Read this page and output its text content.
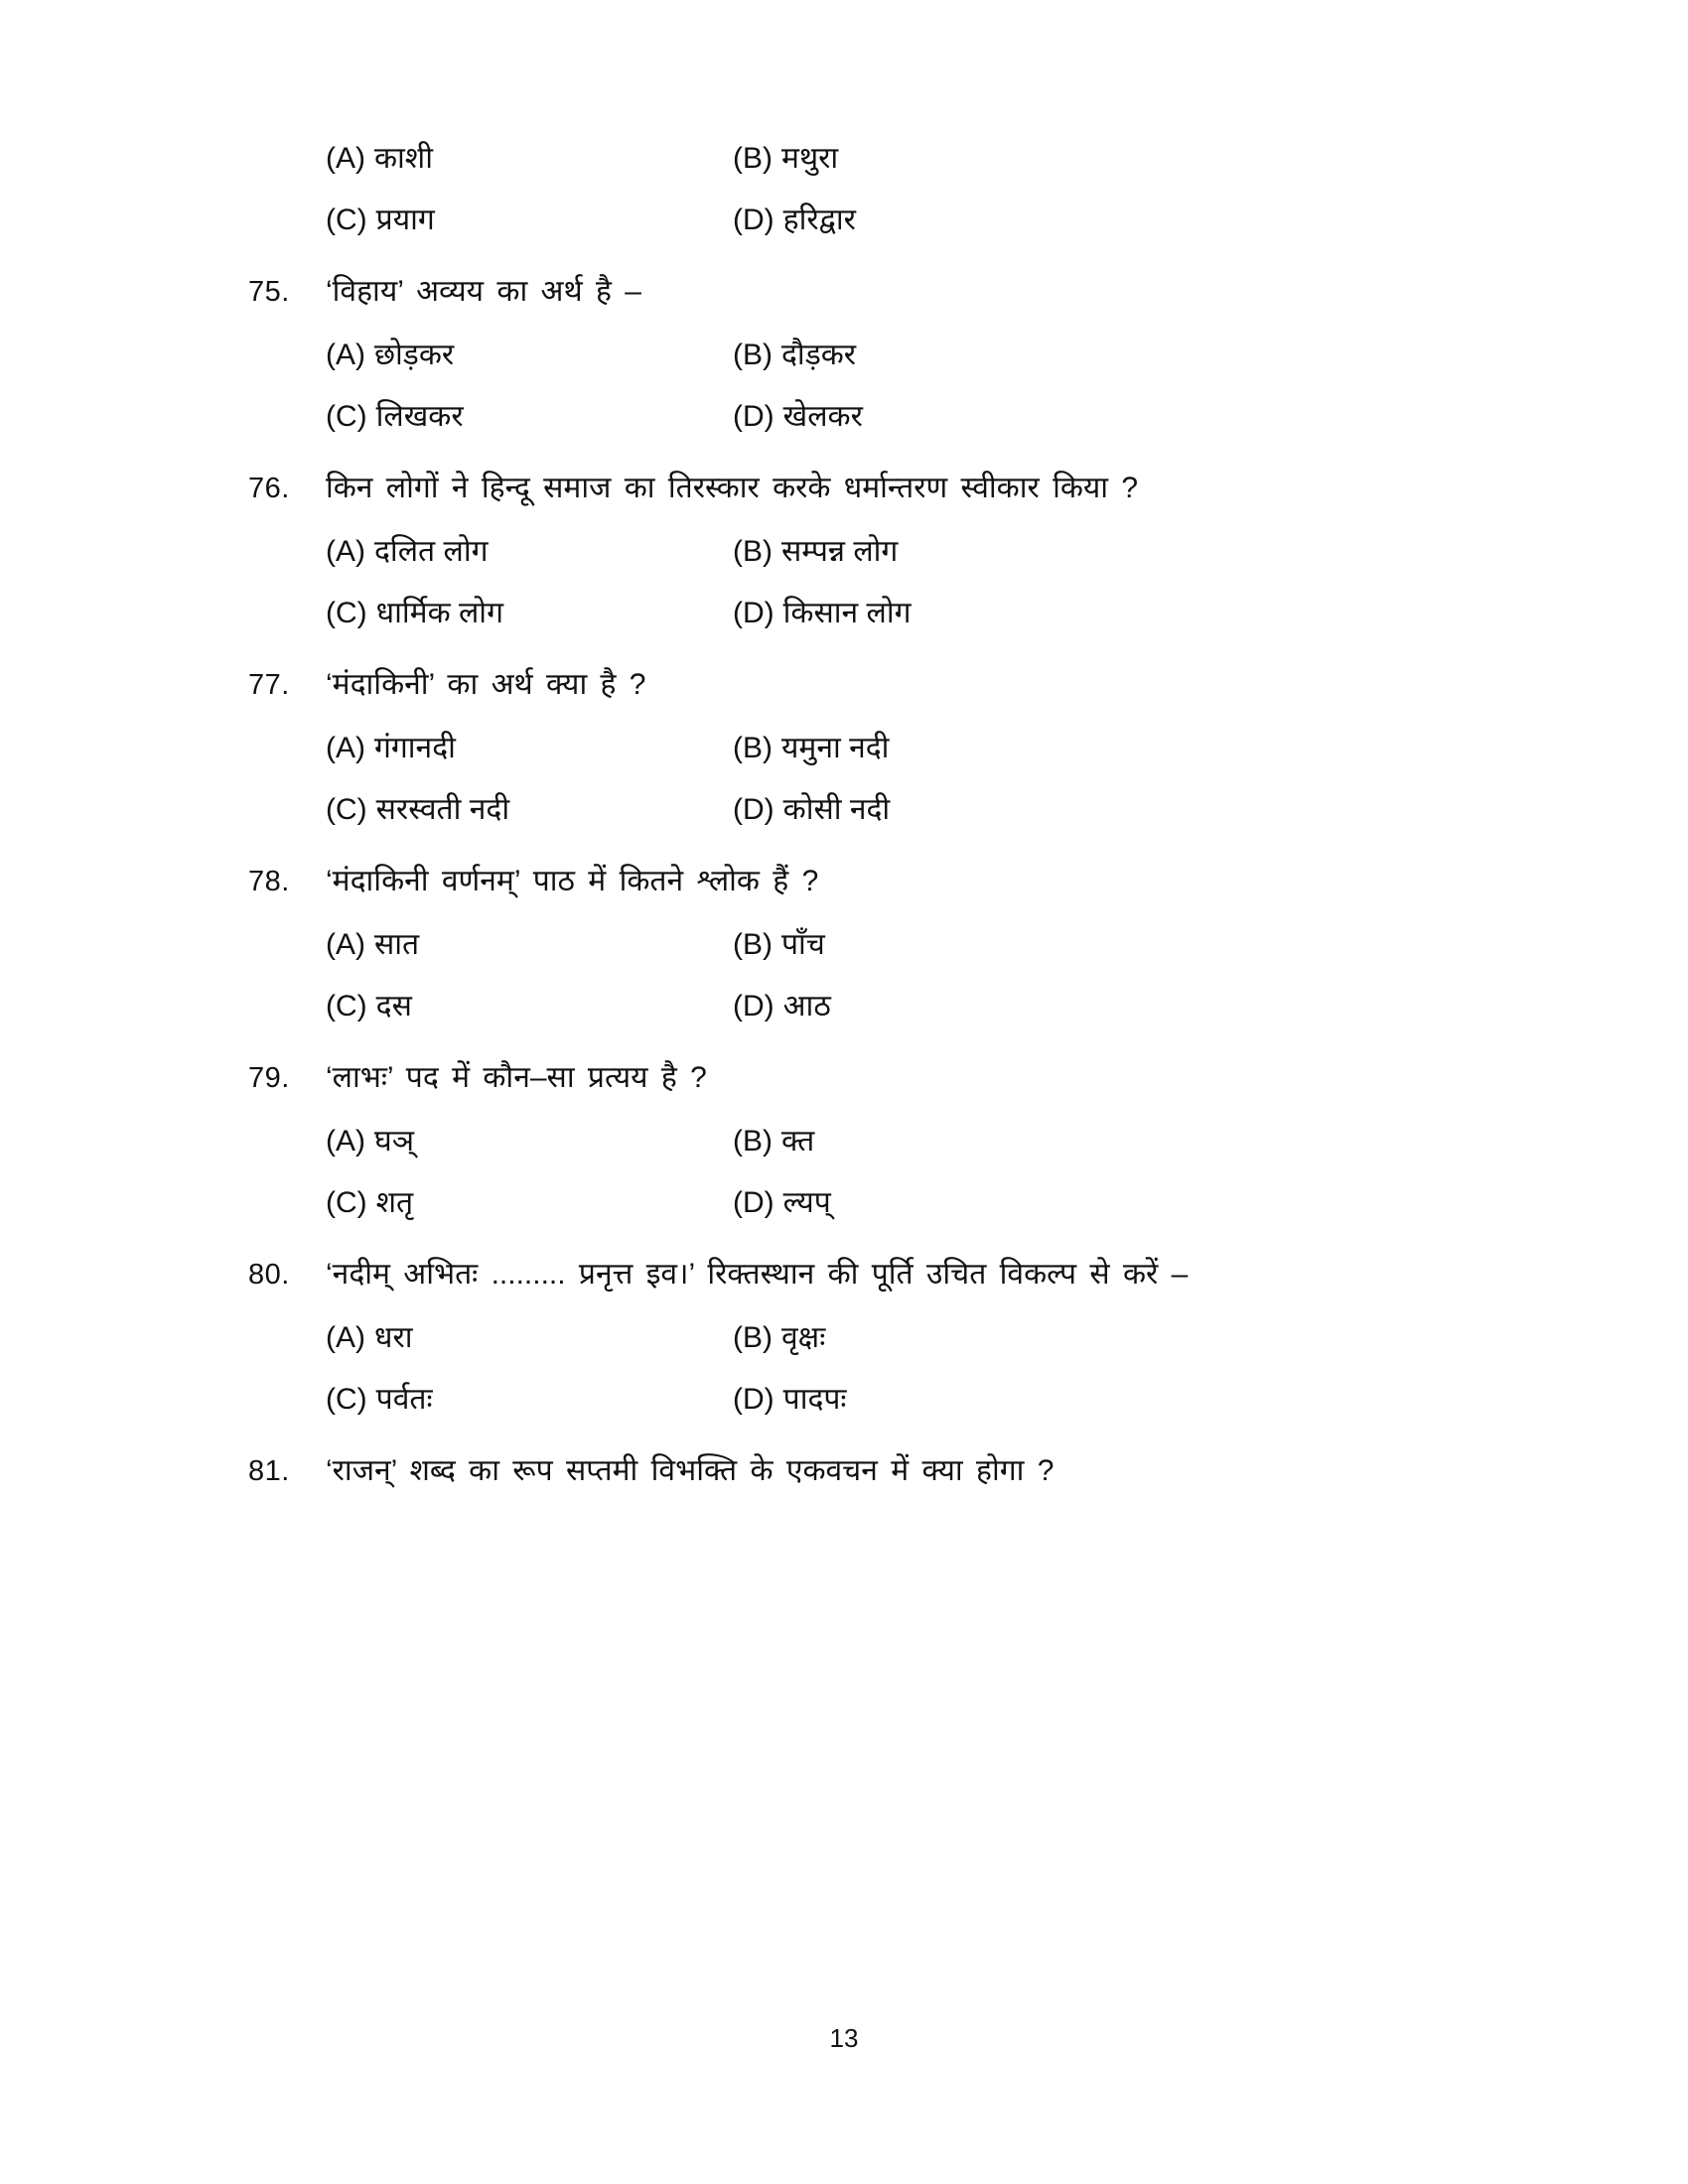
(A) काशी	(B) मथुरा
(C) प्रयाग	(D) हरिद्वार
75.	‘विहाय’ अव्यय का अर्थ है –
(A) छोड़कर	(B) दौड़कर
(C) लिखकर	(D) खेलकर
76.	किन लोगों ने हिन्दू समाज का तिरस्कार करके धर्मान्तरण स्वीकार किया ?
(A) दलित लोग	(B) सम्पन्न लोग
(C) धार्मिक लोग	(D) किसान लोग
77.	‘मंदाकिनी’ का अर्थ क्या है ?
(A) गंगानदी	(B) यमुना नदी
(C) सरस्वती नदी	(D) कोसी नदी
78.	‘मंदाकिनी वर्णनम्’ पाठ में कितने श्लोक हैं ?
(A) सात	(B) पाँच
(C) दस	(D) आठ
79.	‘लाभः’ पद में कौन–सा प्रत्यय है ?
(A) घञ्	(B) क्त
(C) शतृ	(D) ल्यप्
80.	‘नदीम् अभितः ......... प्रनृत्त इव।’ रिक्तस्थान की पूर्ति उचित विकल्प से करें –
(A) धरा	(B) वृक्षः
(C) पर्वतः	(D) पादपः
81.	‘राजन्’ शब्द का रूप सप्तमी विभक्ति के एकवचन में क्या होगा ?
13
